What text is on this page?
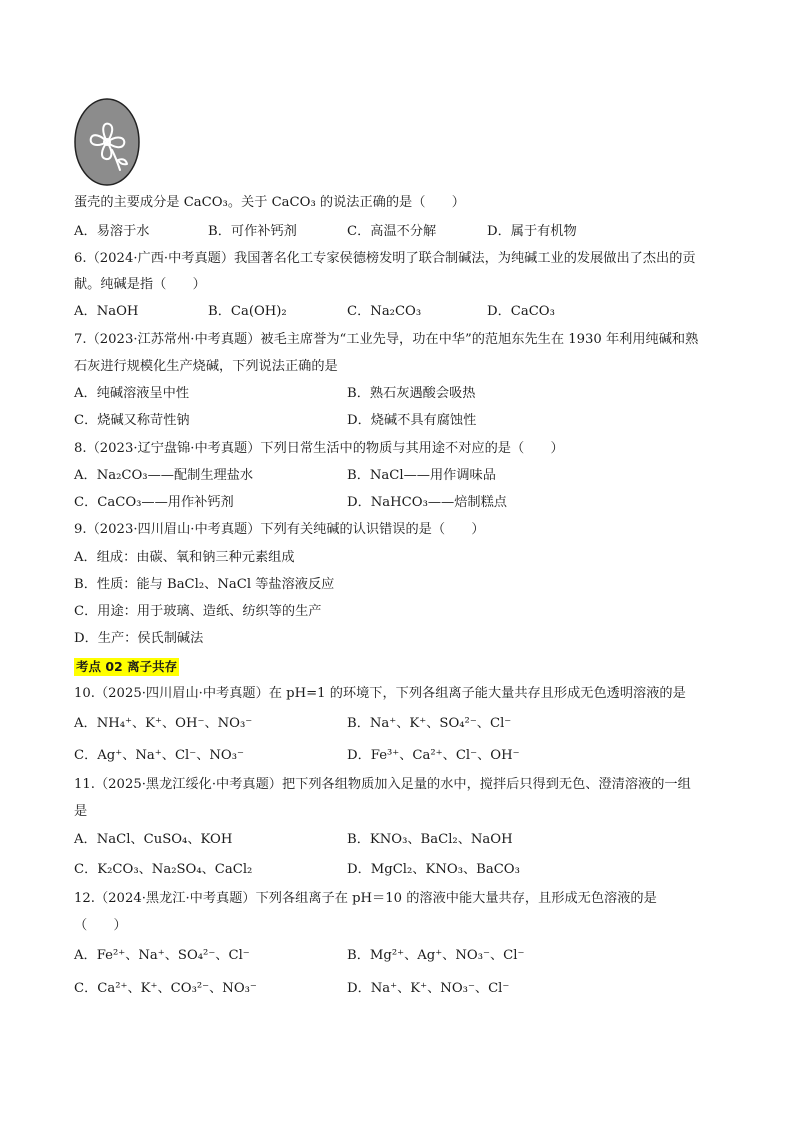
蛋壳的主要成分是 CaCO₃。关于 CaCO₃ 的说法正确的是（　　）
A．易溶于水	B．可作补钙剂	C．高温不分解	D．属于有机物
6.（2024·广西·中考真题）我国著名化工专家侯德榜发明了联合制碱法，为纯碱工业的发展做出了杰出的贡
献。纯碱是指（　　）
A．NaOH	B．Ca(OH)₂	C．Na₂CO₃	D．CaCO₃
7.（2023·江苏常州·中考真题）被毛主席誉为“工业先导，功在中华”的范旭东先生在 1930 年利用纯碱和熟
石灰进行规模化生产烧碱，下列说法正确的是
A．纯碱溶液呈中性	B．熟石灰遇酸会吸热
C．烧碱又称苛性钠	D．烧碱不具有腐蚀性
8.（2023·辽宁盘锦·中考真题）下列日常生活中的物质与其用途不对应的是（　　）
A．Na₂CO₃——配制生理盐水	B．NaCl——用作调味品
C．CaCO₃——用作补钙剂	D．NaHCO₃——焙制糕点
9.（2023·四川眉山·中考真题）下列有关纯碱的认识错误的是（　　）
A．组成：由碳、氧和钠三种元素组成
B．性质：能与 BaCl₂、NaCl 等盐溶液反应
C．用途：用于玻璃、造纸、纺织等的生产
D．生产：侯氏制碱法
考点 02 离子共存
10.（2025·四川眉山·中考真题）在 pH=1 的环境下，下列各组离子能大量共存且形成无色透明溶液的是
A．NH₄⁺、K⁺、OH⁻、NO₃⁻	B．Na⁺、K⁺、SO₄²⁻、Cl⁻
C．Ag⁺、Na⁺、Cl⁻、NO₃⁻	D．Fe³⁺、Ca²⁺、Cl⁻、OH⁻
11.（2025·黑龙江绥化·中考真题）把下列各组物质加入足量的水中，搅拌后只得到无色、澄清溶液的一组
是
A．NaCl、CuSO₄、KOH	B．KNO₃、BaCl₂、NaOH
C．K₂CO₃、Na₂SO₄、CaCl₂	D．MgCl₂、KNO₃、BaCO₃
12.（2024·黑龙江·中考真题）下列各组离子在 pH＝10 的溶液中能大量共存，且形成无色溶液的是
（　　）
A．Fe²⁺、Na⁺、SO₄²⁻、Cl⁻	B．Mg²⁺、Ag⁺、NO₃⁻、Cl⁻
C．Ca²⁺、K⁺、CO₃²⁻、NO₃⁻	D．Na⁺、K⁺、NO₃⁻、Cl⁻
